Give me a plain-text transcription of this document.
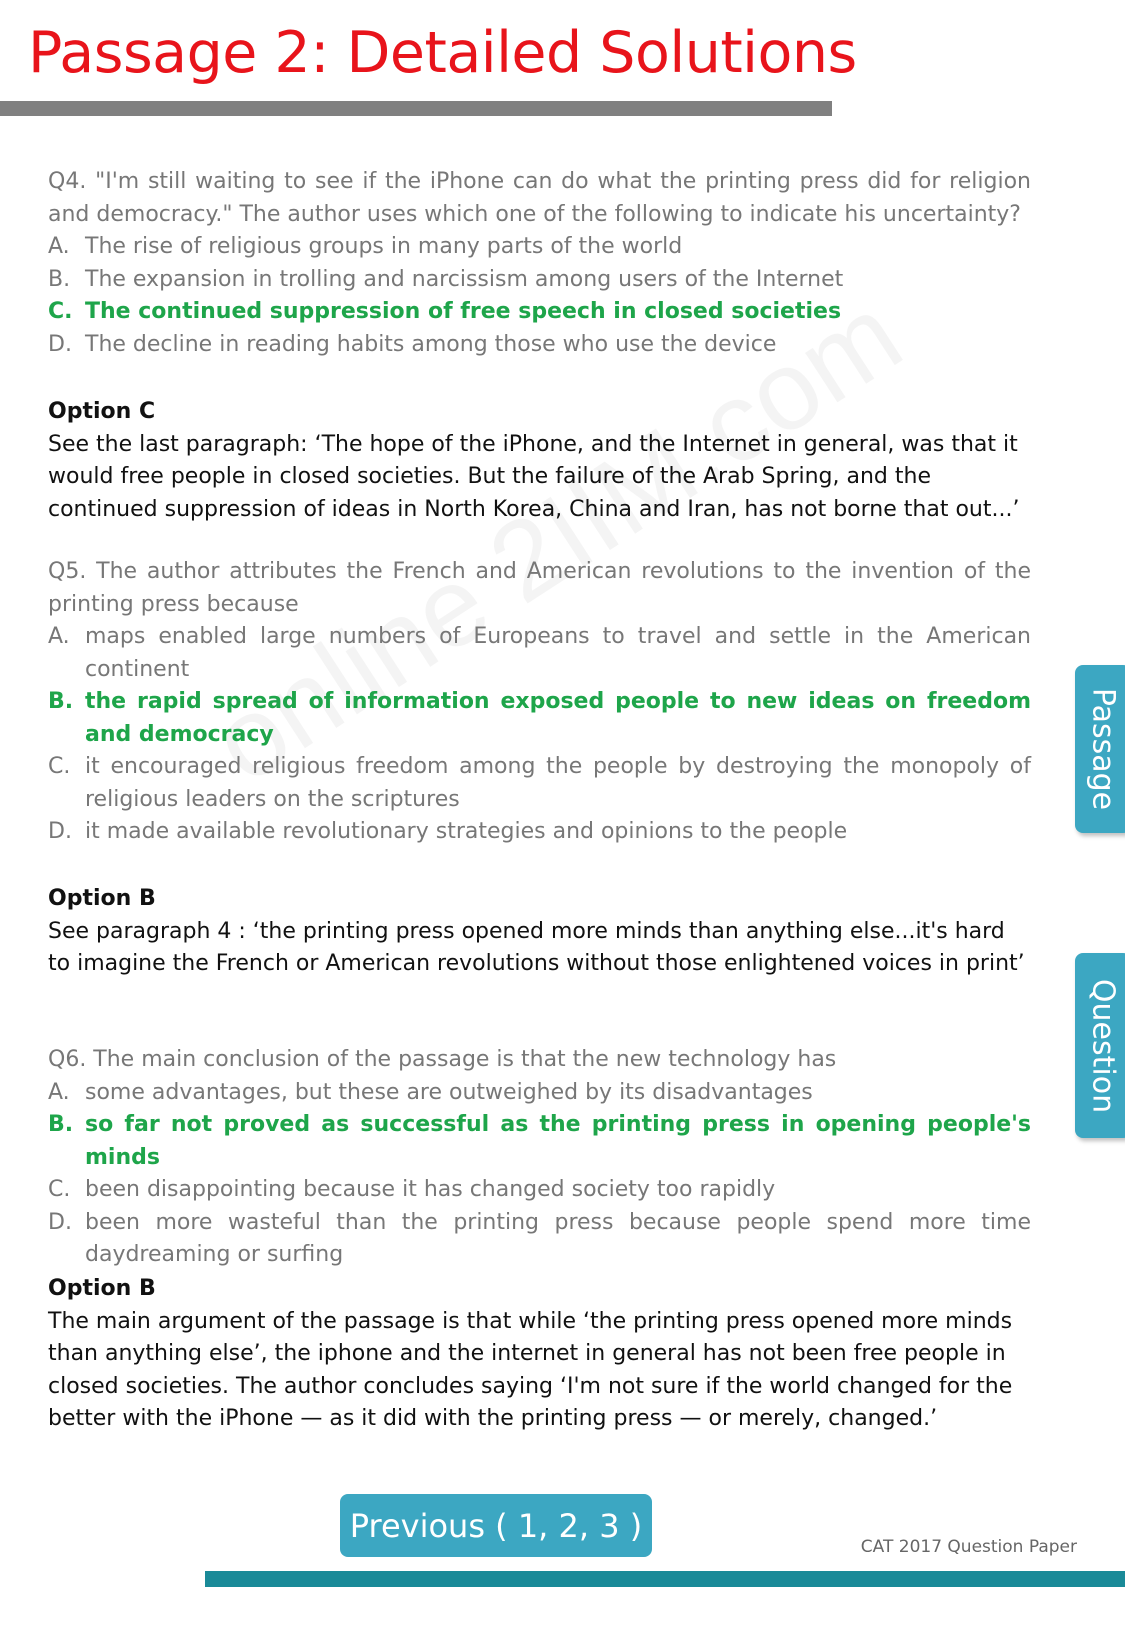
Passage 2: Detailed Solutions
Q4. "I'm still waiting to see if the iPhone can do what the printing press did for religion and democracy." The author uses which one of the following to indicate his uncertainty?
A. The rise of religious groups in many parts of the world
B. The expansion in trolling and narcissism among users of the Internet
C. The continued suppression of free speech in closed societies
D. The decline in reading habits among those who use the device
Option C
See the last paragraph: ‘The hope of the iPhone, and the Internet in general, was that it would free people in closed societies. But the failure of the Arab Spring, and the continued suppression of ideas in North Korea, China and Iran, has not borne that out...’
Q5. The author attributes the French and American revolutions to the invention of the printing press because
A. maps enabled large numbers of Europeans to travel and settle in the American continent
B. the rapid spread of information exposed people to new ideas on freedom and democracy
C. it encouraged religious freedom among the people by destroying the monopoly of religious leaders on the scriptures
D. it made available revolutionary strategies and opinions to the people
Option B
See paragraph 4 : ‘the printing press opened more minds than anything else...it's hard to imagine the French or American revolutions without those enlightened voices in print’
Q6. The main conclusion of the passage is that the new technology has
A. some advantages, but these are outweighed by its disadvantages
B. so far not proved as successful as the printing press in opening people's minds
C. been disappointing because it has changed society too rapidly
D. been more wasteful than the printing press because people spend more time daydreaming or surfing
Option B
The main argument of the passage is that while ‘the printing press opened more minds than anything else’, the iphone and the internet in general has not been free people in closed societies. The author concludes saying ‘I'm not sure if the world changed for the better with the iPhone — as it did with the printing press — or merely, changed.’
Passage
Question
Previous ( 1, 2, 3 )
CAT 2017 Question Paper
